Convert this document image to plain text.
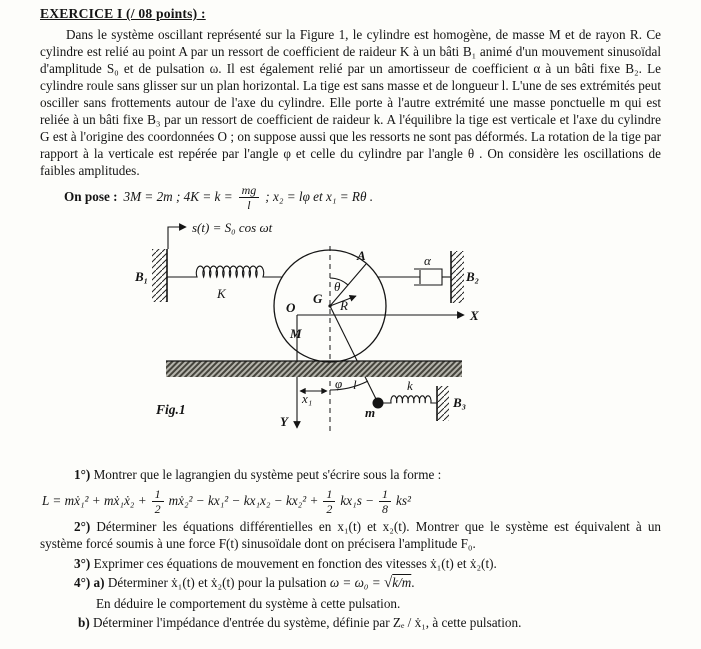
EXERCICE I (/ 08 points) :

Dans le système oscillant représenté sur la Figure 1, le cylindre est homogène, de masse M et de rayon R. Ce cylindre est relié au point A par un ressort de coefficient de raideur K à un bâti B₁ animé d'un mouvement sinusoïdal d'amplitude S₀ et de pulsation ω. Il est également relié par un amortisseur de coefficient α à un bâti fixe B₂. Le cylindre roule sans glisser sur un plan horizontal. La tige est sans masse et de longueur l. L'une de ses extrémités peut osciller sans frottements autour de l'axe du cylindre. Elle porte à l'autre extrémité une masse ponctuelle m qui est reliée à un bâti fixe B₃ par un ressort de coefficient de raideur k. A l'équilibre la tige est verticale et l'axe du cylindre G est à l'origine des coordonnées O ; on suppose aussi que les ressorts ne sont pas déformés. La rotation de la tige par rapport à la verticale est repérée par l'angle φ et celle du cylindre par l'angle θ . On considère les oscillations de faibles amplitudes.

On pose : 3M = 2m ; $4K = k = \frac{mg}{l}$ ; x₂ = lφ et x₁ = Rθ .
s(t) = S₀ cos ωt
B₁	B₂
B₃
K
k
α
A
θ
G R
O
M
X
Y
φ l
m
x₁
Fig.1

1°) Montrer que le lagrangien du système peut s'écrire sous la forme :

L = mẋ₁² + mẋ₁ẋ₂ + $\frac{1}{2}$ mẋ₂² − $kx_1^2 - kx_1x_2 - kx_2^2 + \frac{1}{2} kx_1s - \frac{1}{8} ks^2$

2°) Déterminer les équations différentielles en x₁(t) et x₂(t). Montrer que le système est équivalent à un système forcé soumis à une force F(t) sinusoïdale dont on précisera l'amplitude F₀.

3°) Exprimer ces équations de mouvement en fonction des vitesses ẋ₁(t) et ẋ₂(t).

4°) a) Déterminer ẋ₁(t) et ẋ₂(t) pour la pulsation ω = ω₀ = √k/m.

En déduire le comportement du système à cette pulsation.

b) Déterminer l'impédance d'entrée du système, définie par Zₑ / ẋ₁, à cette pulsation.
